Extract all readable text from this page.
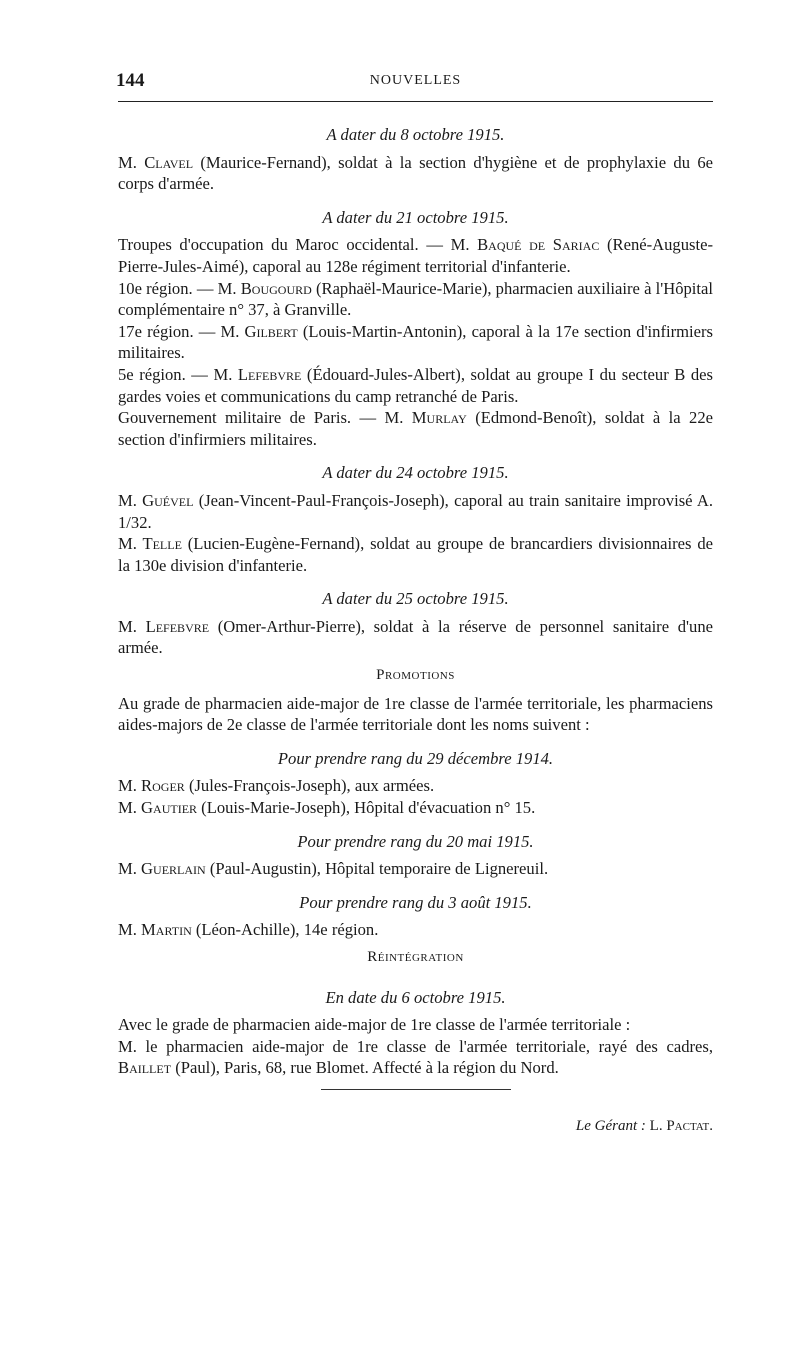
144	NOUVELLES

A dater du 8 octobre 1915.

M. Clavel (Maurice-Fernand), soldat à la section d'hygiène et de prophylaxie du 6e corps d'armée.

A dater du 21 octobre 1915.

Troupes d'occupation du Maroc occidental. — M. Baqué de Sariac (René-Auguste-Pierre-Jules-Aimé), caporal au 128e régiment territorial d'infanterie.

10e région. — M. Bougourd (Raphaël-Maurice-Marie), pharmacien auxiliaire à l'Hôpital complémentaire n° 37, à Granville.

17e région. — M. Gilbert (Louis-Martin-Antonin), caporal à la 17e section d'infirmiers militaires.

5e région. — M. Lefebvre (Édouard-Jules-Albert), soldat au groupe I du secteur B des gardes voies et communications du camp retranché de Paris.

Gouvernement militaire de Paris. — M. Murlay (Edmond-Benoît), soldat à la 22e section d'infirmiers militaires.

A dater du 24 octobre 1915.

M. Guével (Jean-Vincent-Paul-François-Joseph), caporal au train sanitaire improvisé A. 1/32.

M. Telle (Lucien-Eugène-Fernand), soldat au groupe de brancardiers divisionnaires de la 130e division d'infanterie.

A dater du 25 octobre 1915.

M. Lefebvre (Omer-Arthur-Pierre), soldat à la réserve de personnel sanitaire d'une armée.

Promotions

Au grade de pharmacien aide-major de 1re classe de l'armée territoriale, les pharmaciens aides-majors de 2e classe de l'armée territoriale dont les noms suivent :

Pour prendre rang du 29 décembre 1914.

M. Roger (Jules-François-Joseph), aux armées.

M. Gautier (Louis-Marie-Joseph), Hôpital d'évacuation n° 15.

Pour prendre rang du 20 mai 1915.

M. Guerlain (Paul-Augustin), Hôpital temporaire de Lignereuil.

Pour prendre rang du 3 août 1915.

M. Martin (Léon-Achille), 14e région.

Réintégration

En date du 6 octobre 1915.

Avec le grade de pharmacien aide-major de 1re classe de l'armée territoriale :

M. le pharmacien aide-major de 1re classe de l'armée territoriale, rayé des cadres, Baillet (Paul), Paris, 68, rue Blomet. Affecté à la région du Nord.

Le Gérant : L. Pactat.
